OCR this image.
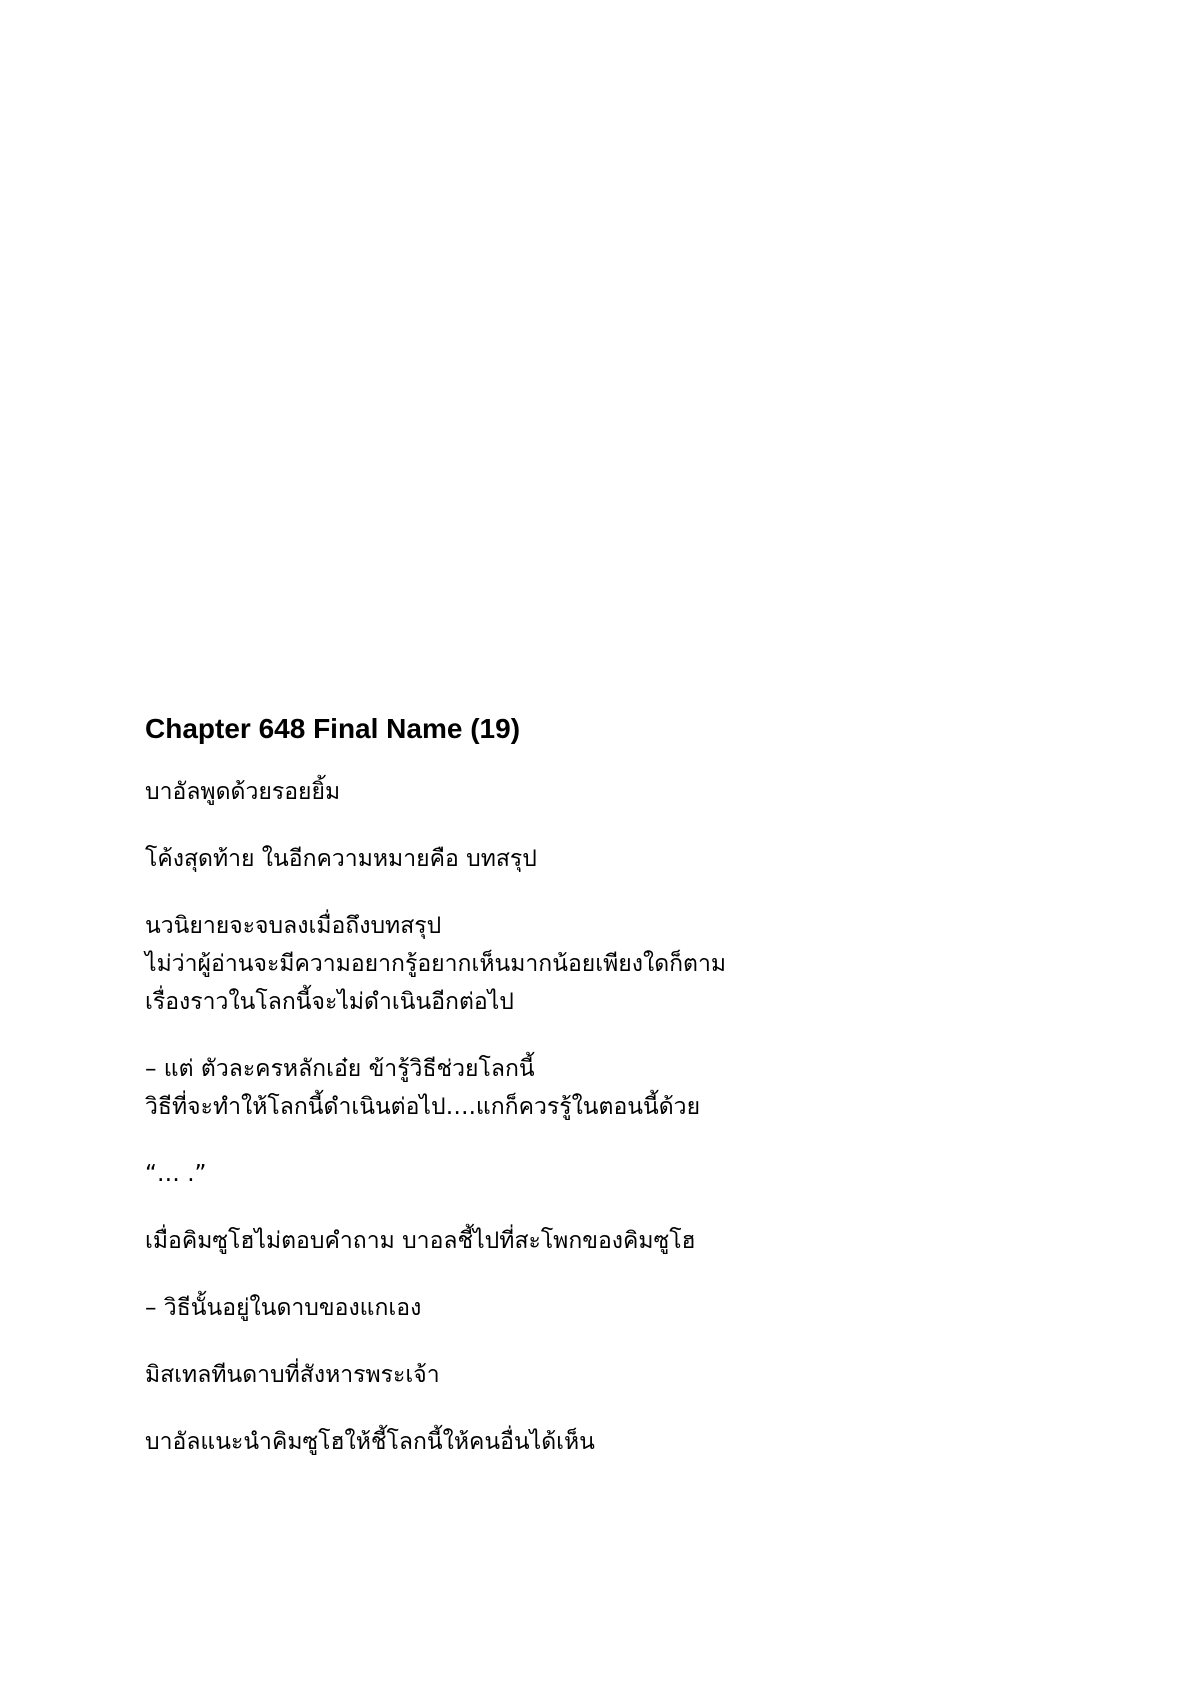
Chapter 648 Final Name (19)
บาอัลพูดด้วยรอยยิ้ม
โค้งสุดท้าย ในอีกความหมายคือ บทสรุป
นวนิยายจะจบลงเมื่อถึงบทสรุป
ไม่ว่าผู้อ่านจะมีความอยากรู้อยากเห็นมากน้อยเพียงใดก็ตาม
เรื่องราวในโลกนี้จะไม่ดำเนินอีกต่อไป
– แต่ ตัวละครหลักเอ๋ย ข้ารู้วิธีช่วยโลกนี้
วิธีที่จะทำให้โลกนี้ดำเนินต่อไป….แกก็ควรรู้ในตอนนี้ด้วย
“… .”
เมื่อคิมซูโฮไม่ตอบคำถาม บาอลชี้ไปที่สะโพกของคิมซูโฮ
– วิธีนั้นอยู่ในดาบของแกเอง
มิสเทลทีนดาบที่สังหารพระเจ้า
บาอัลแนะนำคิมซูโฮให้ชี้โลกนี้ให้คนอื่นได้เห็น
